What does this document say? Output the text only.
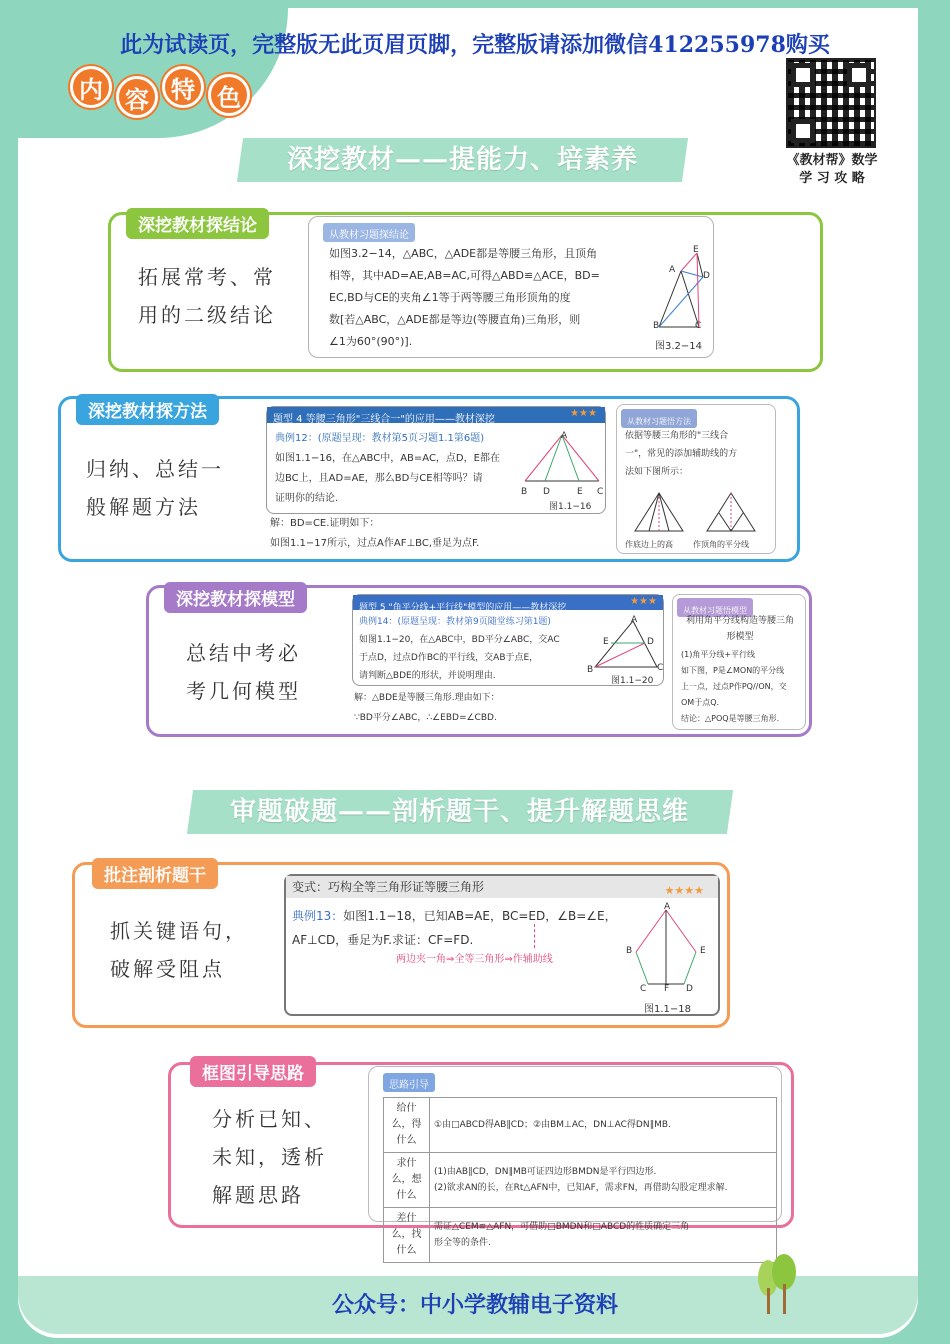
此为试读页，完整版无此页眉页脚，完整版请添加微信412255978购买
内 容 特 色
《教材帮》数学
学 习 攻 略
深挖教材——提能力、培素养
深挖教材探结论
拓展常考、常
用的二级结论
从教材习题探结论
如图3.2−14，△ABC，△ADE都是等腰三角形，且顶角
相等，其中AD=AE,AB=AC,可得△ABD≌△ACE，BD=
EC,BD与CE的夹角∠1等于两等腰三角形顶角的度
数[若△ABC，△ADE都是等边(等腰直角)三角形，则
∠1为60°(90°)].
E
A
D
B	C
图3.2−14
深挖教材探方法
归纳、总结一
般解题方法
题型 4 等腰三角形"三线合一"的应用——教材深挖
★★★
典例12：(原题呈现：教材第5页习题1.1第6题)
如图1.1−16，在△ABC中，AB=AC，点D，E都在
边BC上，且AD=AE，那么BD与CE相等吗？请
证明你的结论.
A
B D	E C
图1.1−16
解：BD=CE.证明如下：
如图1.1−17所示，过点A作AF⊥BC,垂足为点F.
从教材习题悟方法
依据等腰三角形的"三线合
一"，常见的添加辅助线的方
法如下图所示：
作底边上的高	作顶角的平分线
深挖教材探模型
总结中考必
考几何模型
题型 5 "角平分线+平行线"模型的应用——教材深挖
★★★
典例14：(原题呈现：教材第9页随堂练习第1题)
如图1.1−20，在△ABC中，BD平分∠ABC，交AC
于点D，过点D作BC的平行线，交AB于点E，
请判断△BDE的形状，并说明理由.
A
E	D
B	C
图1.1−20
解：△BDE是等腰三角形.理由如下：
∵BD平分∠ABC，∴∠EBD=∠CBD.
从教材习题悟模型
利用角平分线构造等腰三角
形模型
(1)角平分线+平行线
如下图，P是∠MON的平分线
上一点，过点P作PQ//ON，交
OM于点Q.
结论：△POQ是等腰三角形.
审题破题——剖析题干、提升解题思维
批注剖析题干
抓关键语句，
破解受阻点
变式：巧构全等三角形证等腰三角形	★★★★
典例13：如图1.1−18，已知AB=AE，BC=ED，∠B=∠E，
AF⊥CD，垂足为F.求证：CF=FD.
两边夹一角⇒全等三角形⇒作辅助线
A
B	E
C F D
图1.1−18
框图引导思路
分析已知、
未知，透析
解题思路
思路引导
给什么，得什么	①由□ABCD得AB∥CD；②由BM⊥AC，DN⊥AC得DN∥MB.

求什么，想什么	(1)由AB∥CD，DN∥MB可证四边形BMDN是平行四边形.
(2)欲求AN的长，在Rt△AFN中，已知AF，需求FN，再借助勾股定理求解.

差什么，找什么	需证△CEM≌△AFN，可借助□BMDN和□ABCD的性质确定三角
形全等的条件.
公众号：中小学教辅电子资料
